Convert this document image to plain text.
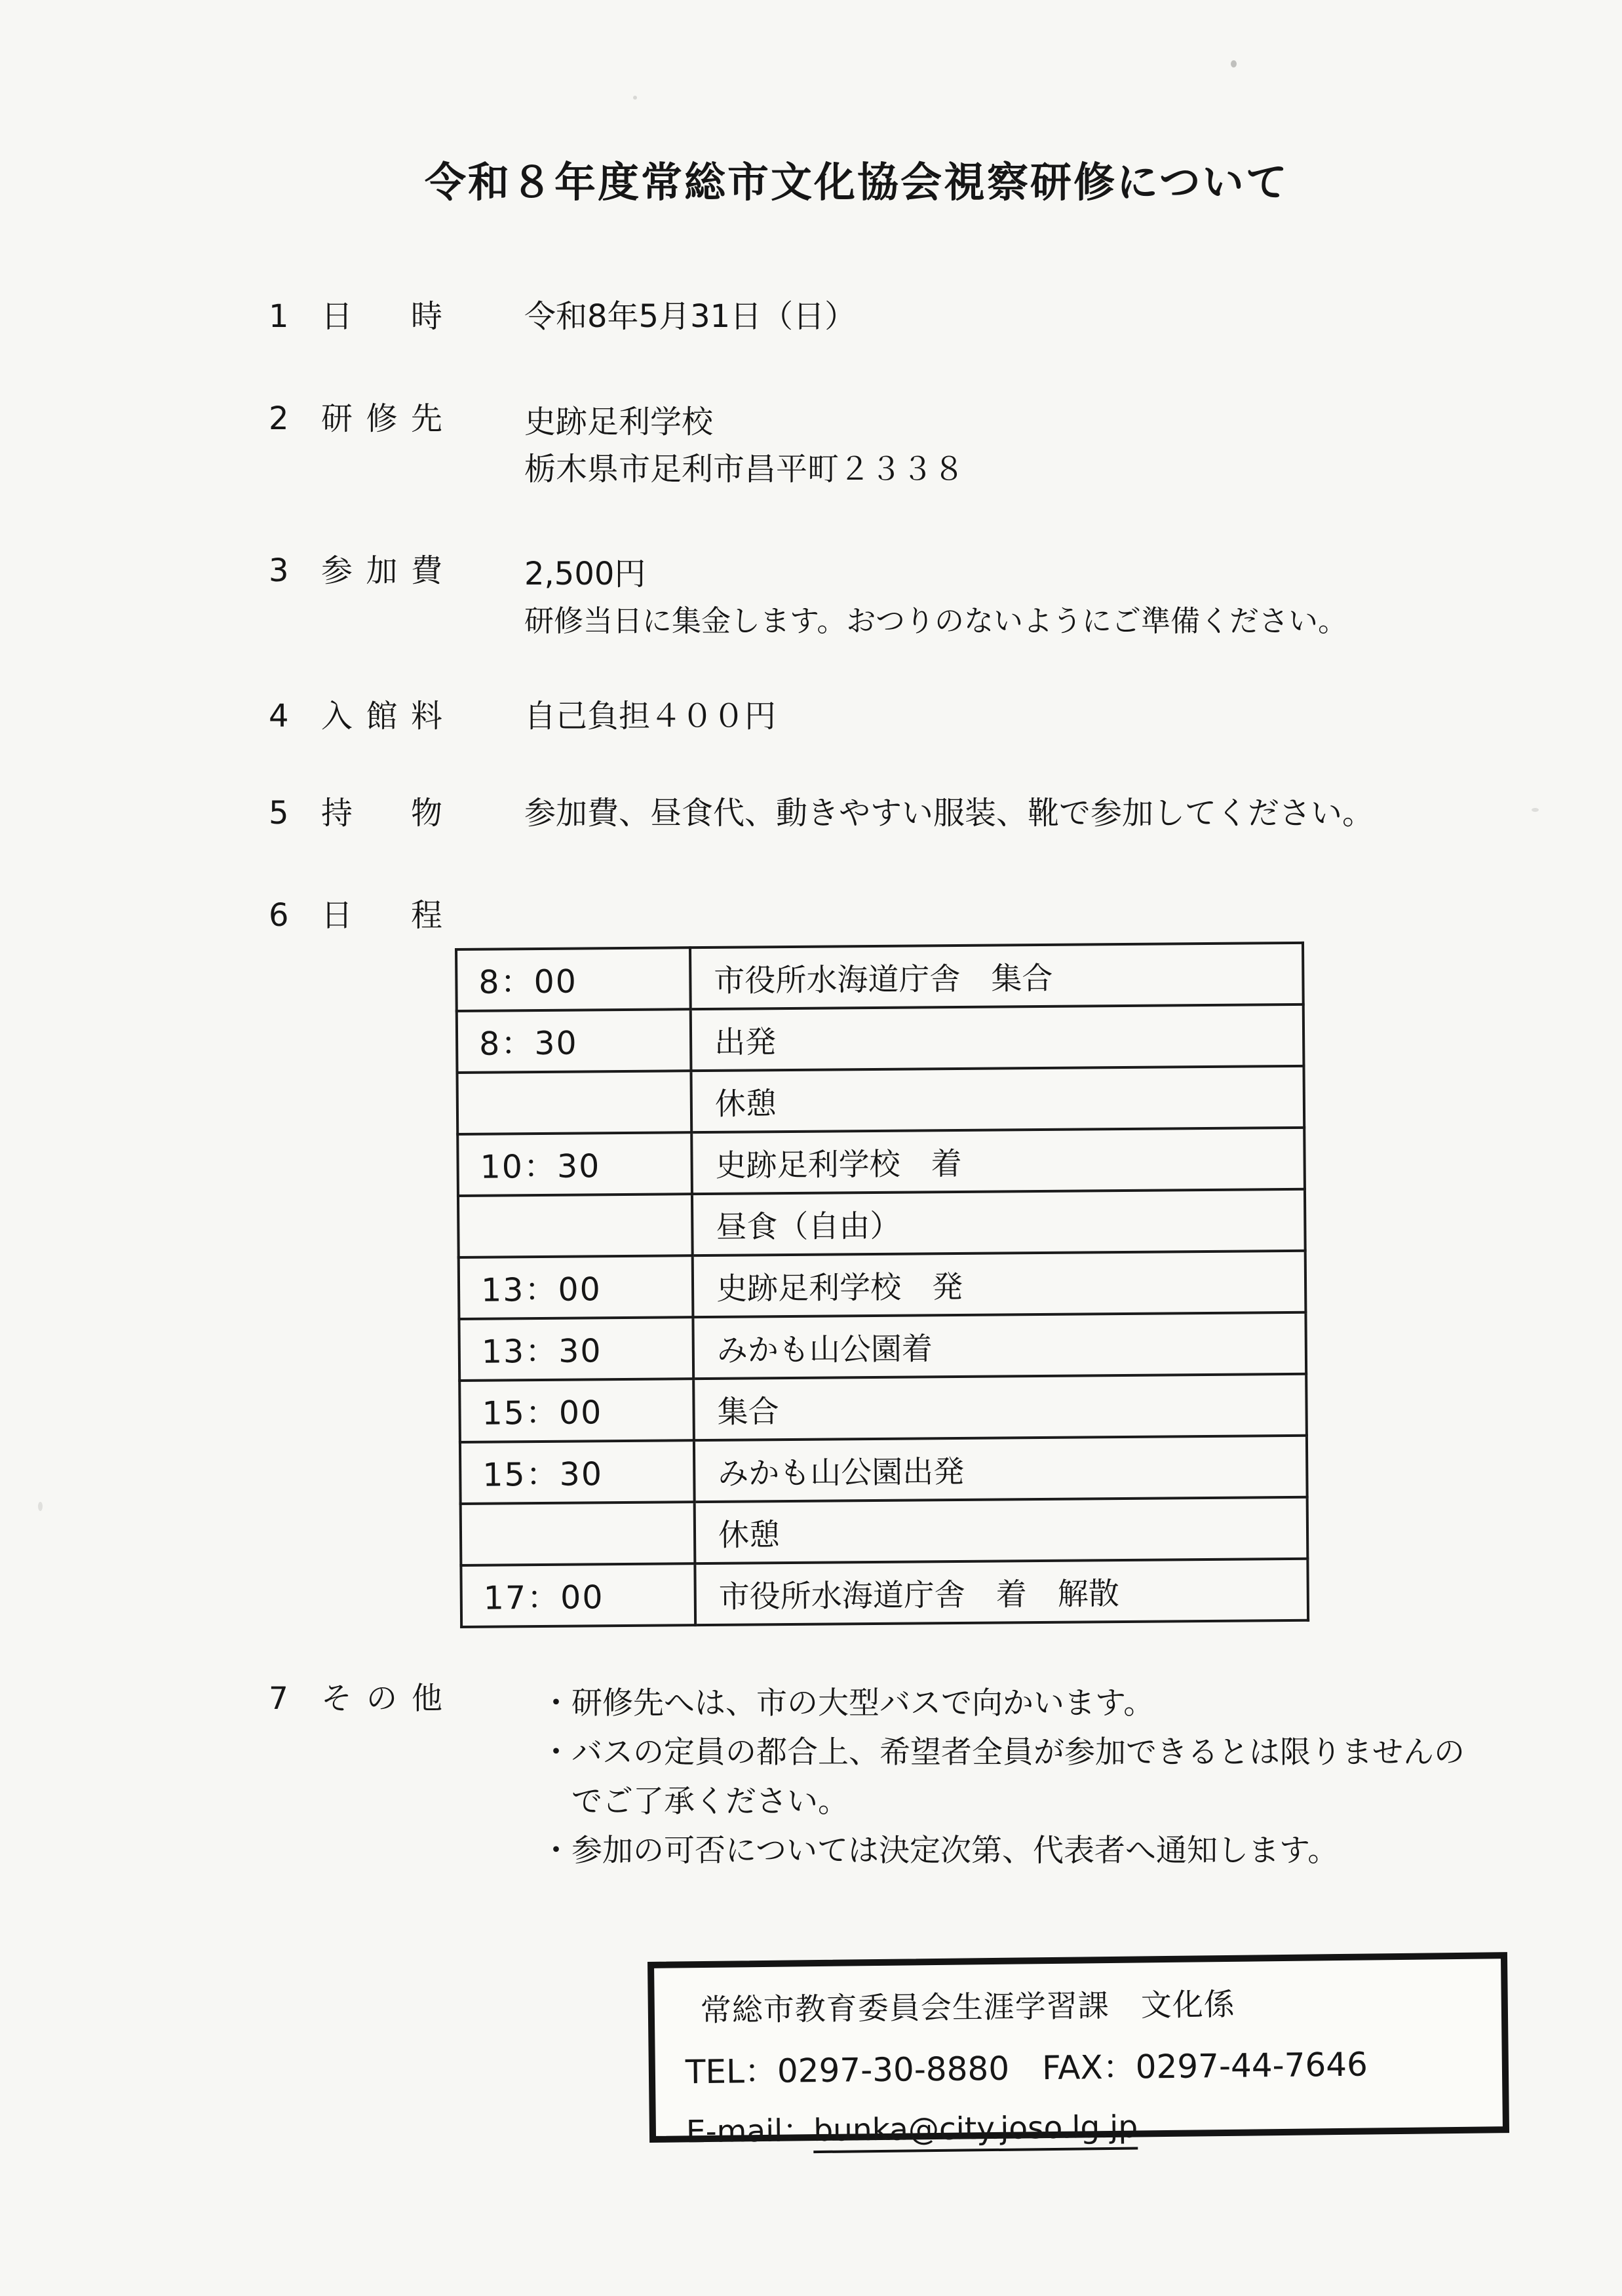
令和８年度常総市文化協会視察研修について
1	日 時	令和8年5月31日（日）
2	研修先	史跡足利学校
栃木県市足利市昌平町２３３８
3	参加費	2,500円
研修当日に集金します。おつりのないようにご準備ください。
4	入館料	自己負担４００円
5	持 物	参加費、昼食代、動きやすい服装、靴で参加してください。
6	日 程
8：00	市役所水海道庁舎　集合
8：30	出発
	休憩
10：30	史跡足利学校　着
	昼食（自由）
13：00	史跡足利学校　発
13：30	みかも山公園着
15：00	集合
15：30	みかも山公園出発
	休憩
17：00	市役所水海道庁舎　着　解散
7	その他	・研修先へは、市の大型バスで向かいます。
・バスの定員の都合上、希望者全員が参加できるとは限りませんの
でご了承ください。
・参加の可否については決定次第、代表者へ通知します。
常総市教育委員会生涯学習課　文化係
TEL：0297-30-8880　FAX：0297-44-7646
E-mail：bunka@city.joso.lg.jp
